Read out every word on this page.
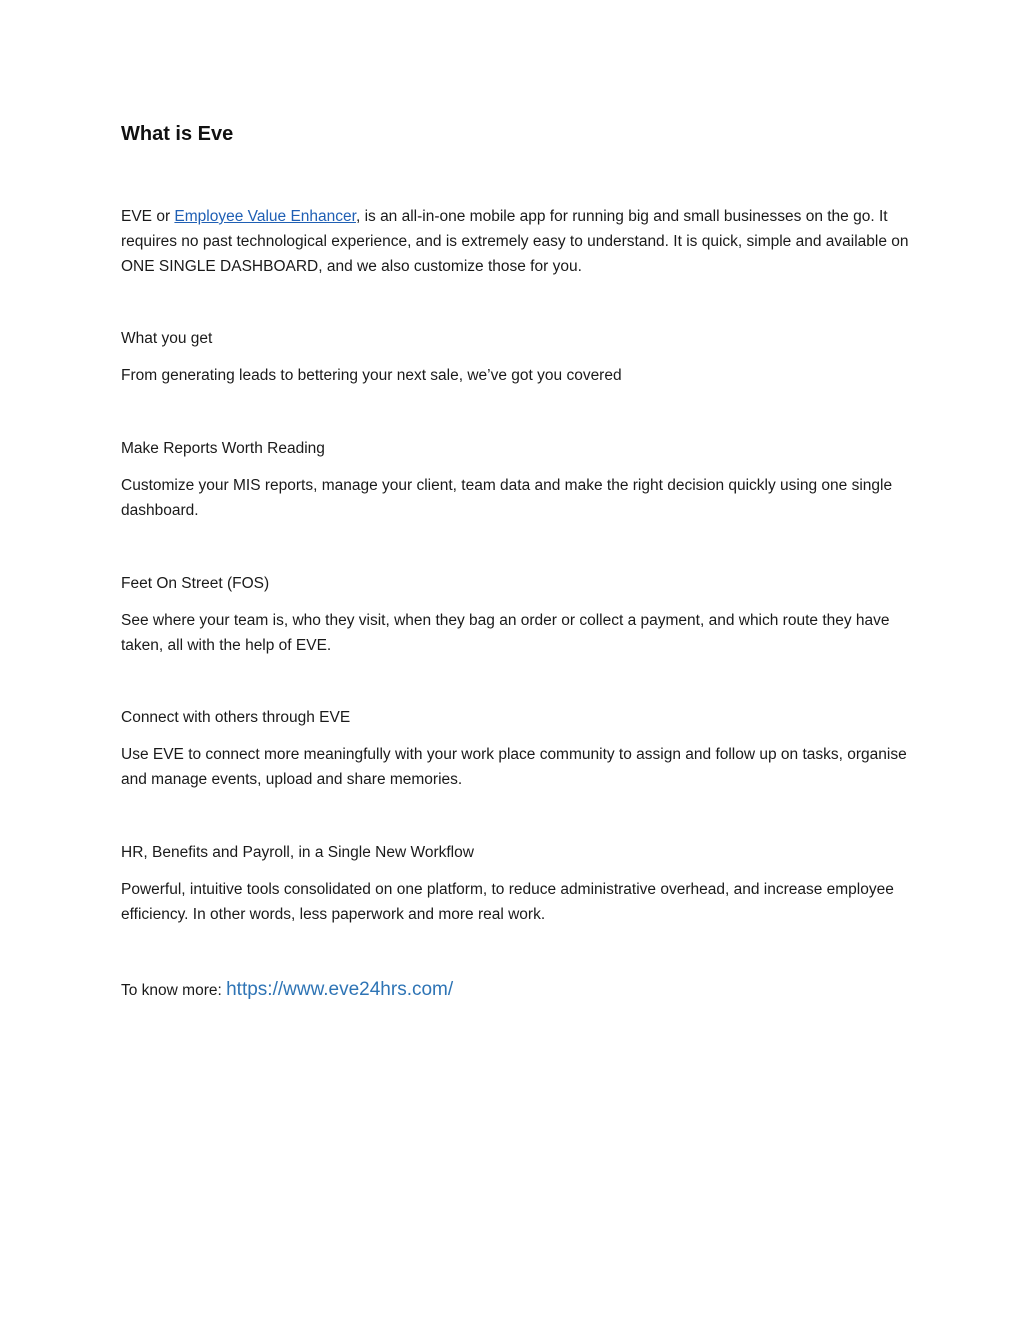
What is Eve

EVE or Employee Value Enhancer, is an all-in-one mobile app for running big and small businesses on the go. It requires no past technological experience, and is extremely easy to understand. It is quick, simple and available on ONE SINGLE DASHBOARD, and we also customize those for you.

What you get

From generating leads to bettering your next sale, we’ve got you covered

Make Reports Worth Reading

Customize your MIS reports, manage your client, team data and make the right decision quickly using one single dashboard.

Feet On Street (FOS)

See where your team is, who they visit, when they bag an order or collect a payment, and which route they have taken, all with the help of EVE.

Connect with others through EVE

Use EVE to connect more meaningfully with your work place community to assign and follow up on tasks, organise and manage events, upload and share memories.

HR, Benefits and Payroll, in a Single New Workflow

Powerful, intuitive tools consolidated on one platform, to reduce administrative overhead, and increase employee efficiency. In other words, less paperwork and more real work.

To know more: https://www.eve24hrs.com/
